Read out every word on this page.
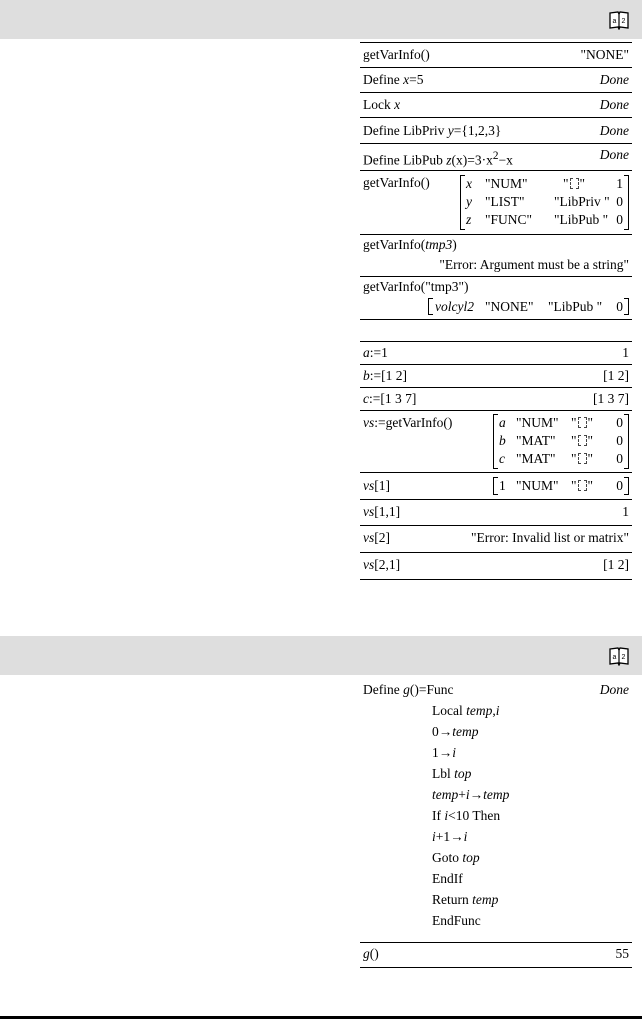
a 2
getVarInfo()	"NONE"
Define x=5	Done
Lock x	Done
Define LibPriv y={1,2,3}	Done
Define LibPub $z(x)=3\cdot x^2-x$	Done
getVarInfo()	x "NUM"	" " 1
y "LIST" "LibPriv " 0
z "FUNC" "LibPub " 0
getVarInfo(tmp3)
"Error: Argument must be a string"
getVarInfo("tmp3")
volcyl2 "NONE" "LibPub " 0
a:=1	1
b:=[1 2]	[1 2]
c:=[1 3 7]	[1 3 7]
vs:=getVarInfo()	a "NUM" " " 0
b "MAT" " " 0
c "MAT" " " 0
vs[1]	1 "NUM" " " 0
vs[1,1]	1
vs[2]	"Error: Invalid list or matrix"
vs[2,1]	[1 2]
a 2
Define g()=Func	Done
Local temp,i
0→temp
1→i
Lbl top
temp+i→temp
If i<10 Then
i+1→i
Goto top
EndIf
Return temp
EndFunc
g()	55
